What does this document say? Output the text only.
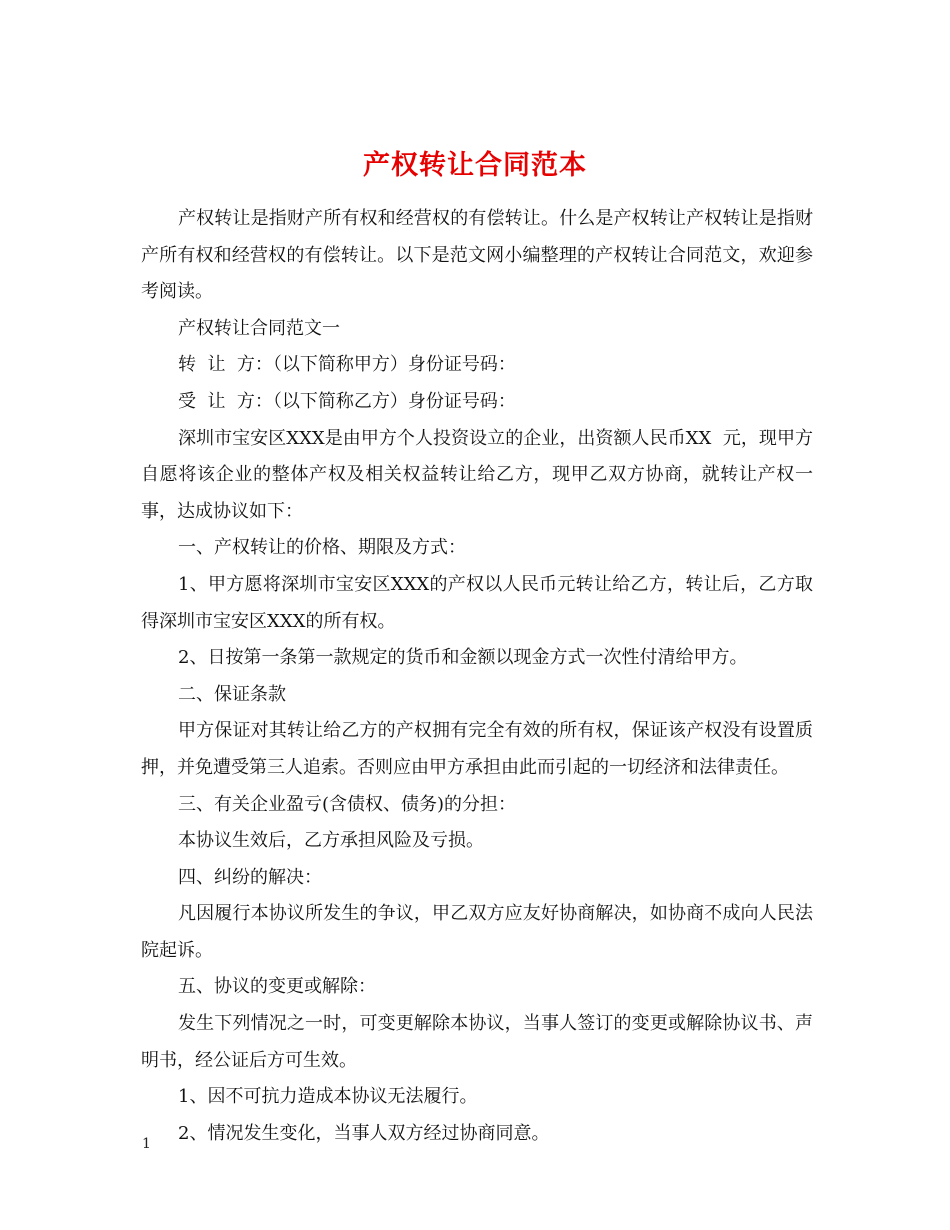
产权转让合同范本

产权转让是指财产所有权和经营权的有偿转让。什么是产权转让产权转让是指财产所有权和经营权的有偿转让。以下是范文网小编整理的产权转让合同范文，欢迎参考阅读。

产权转让合同范文一

转  让  方：（以下简称甲方）身份证号码：

受  让  方：（以下简称乙方）身份证号码：

深圳市宝安区XXX是由甲方个人投资设立的企业，出资额人民币XX  元，现甲方自愿将该企业的整体产权及相关权益转让给乙方，现甲乙双方协商，就转让产权一事，达成协议如下：

一、产权转让的价格、期限及方式：

1、甲方愿将深圳市宝安区XXX的产权以人民币元转让给乙方，转让后，乙方取得深圳市宝安区XXX的所有权。

2、日按第一条第一款规定的货币和金额以现金方式一次性付清给甲方。

二、保证条款

甲方保证对其转让给乙方的产权拥有完全有效的所有权，保证该产权没有设置质押，并免遭受第三人追索。否则应由甲方承担由此而引起的一切经济和法律责任。

三、有关企业盈亏(含债权、债务)的分担：

本协议生效后，乙方承担风险及亏损。

四、纠纷的解决：

凡因履行本协议所发生的争议，甲乙双方应友好协商解决，如协商不成向人民法院起诉。

五、协议的变更或解除：

发生下列情况之一时，可变更解除本协议，当事人签订的变更或解除协议书、声明书，经公证后方可生效。

1、因不可抗力造成本协议无法履行。

2、情况发生变化，当事人双方经过协商同意。

1
